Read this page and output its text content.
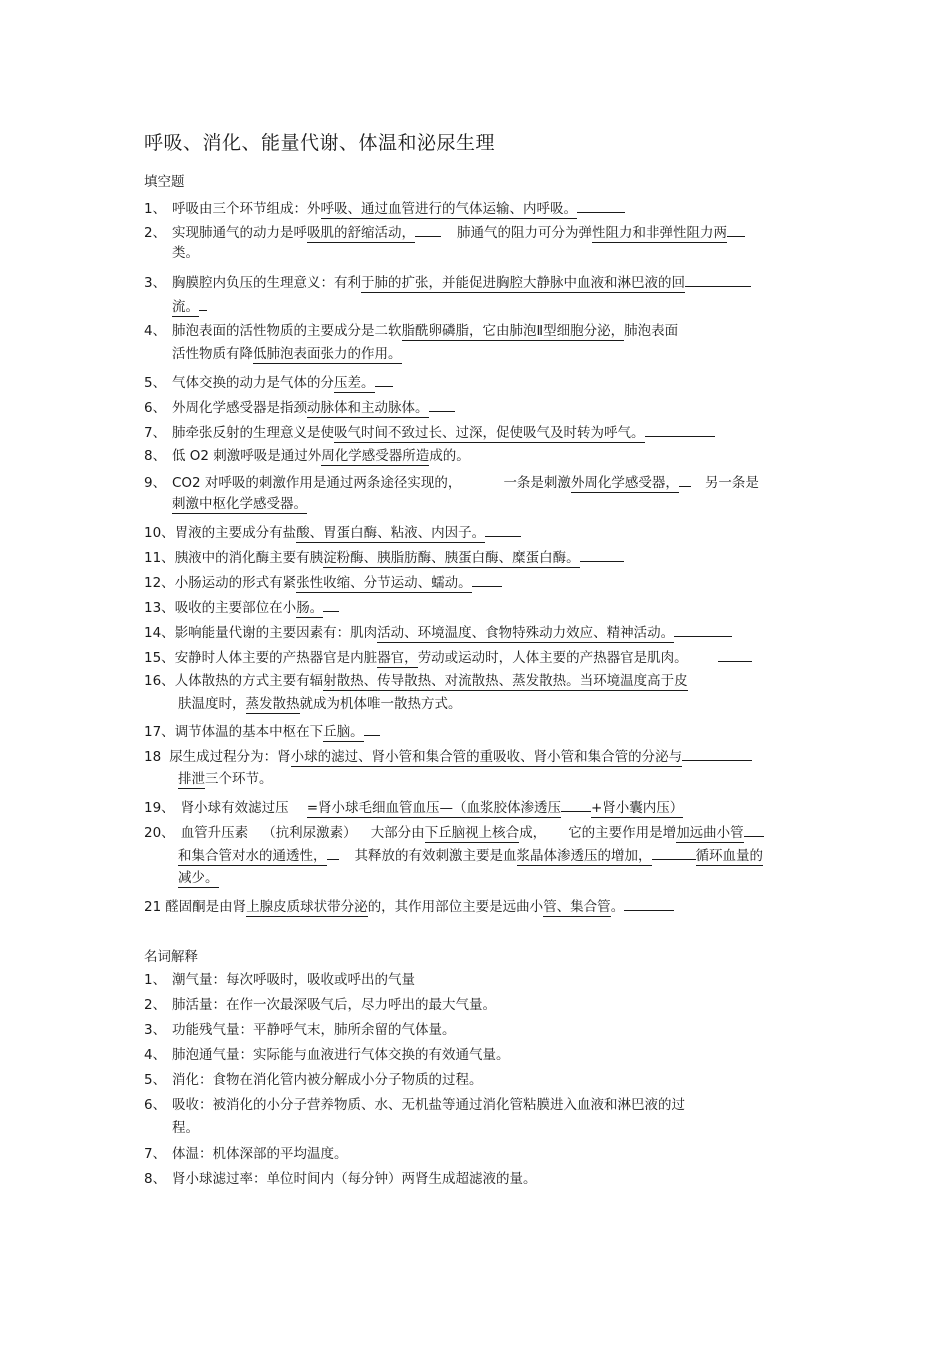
呼吸、消化、能量代谢、体温和泌尿生理
填空题
1、 呼吸由三个环节组成：外呼吸、通过血管进行的气体运输、内呼吸。
2、 实现肺通气的动力是呼吸肌的舒缩活动，	肺通气的阻力可分为弹性阻力和非弹性阻力两
类。
3、 胸膜腔内负压的生理意义：有利于肺的扩张，并能促进胸腔大静脉中血液和淋巴液的回
流。
4、 肺泡表面的活性物质的主要成分是二软脂酰卵磷脂，它由肺泡Ⅱ型细胞分泌，肺泡表面
活性物质有降低肺泡表面张力的作用。
5、 气体交换的动力是气体的分压差。
6、 外周化学感受器是指颈动脉体和主动脉体。
7、 肺牵张反射的生理意义是使吸气时间不致过长、过深，促使吸气及时转为呼气。
8、 低 O2 刺激呼吸是通过外周化学感受器所造成的。
9、 CO2 对呼吸的刺激作用是通过两条途径实现的，	一条是刺激外周化学感受器， 另一条是
刺激中枢化学感受器。
10、胃液的主要成分有盐酸、胃蛋白酶、粘液、内因子。
11、胰液中的消化酶主要有胰淀粉酶、胰脂肪酶、胰蛋白酶、糜蛋白酶。
12、小肠运动的形式有紧张性收缩、分节运动、蠕动。
13、吸收的主要部位在小肠。
14、影响能量代谢的主要因素有：肌肉活动、环境温度、食物特殊动力效应、精神活动。
15、安静时人体主要的产热器官是内脏器官，劳动或运动时，人体主要的产热器官是肌肉。
16、人体散热的方式主要有辐射散热、传导散热、对流散热、蒸发散热。当环境温度高于皮
肤温度时，蒸发散热就成为机体唯一散热方式。
17、调节体温的基本中枢在下丘脑。
18 尿生成过程分为：肾小球的滤过、肾小管和集合管的重吸收、肾小管和集合管的分泌与
排泄三个环节。
19、 肾小球有效滤过压 =肾小球毛细血管血压—（血浆胶体渗透压 +肾小囊内压）
20、 血管升压素 （抗利尿激素） 大部分由下丘脑视上核合成， 它的主要作用是增加远曲小管
和集合管对水的通透性， 其释放的有效刺激主要是血浆晶体渗透压的增加，	循环血量的
减少。
21 醛固酮是由肾上腺皮质球状带分泌的，其作用部位主要是远曲小管、集合管。
名词解释
1、 潮气量：每次呼吸时，吸收或呼出的气量
2、 肺活量：在作一次最深吸气后，尽力呼出的最大气量。
3、 功能残气量：平静呼气末，肺所余留的气体量。
4、 肺泡通气量：实际能与血液进行气体交换的有效通气量。
5、 消化：食物在消化管内被分解成小分子物质的过程。
6、 吸收：被消化的小分子营养物质、水、无机盐等通过消化管粘膜进入血液和淋巴液的过
程。
7、 体温：机体深部的平均温度。
8、 肾小球滤过率：单位时间内（每分钟）两肾生成超滤液的量。
